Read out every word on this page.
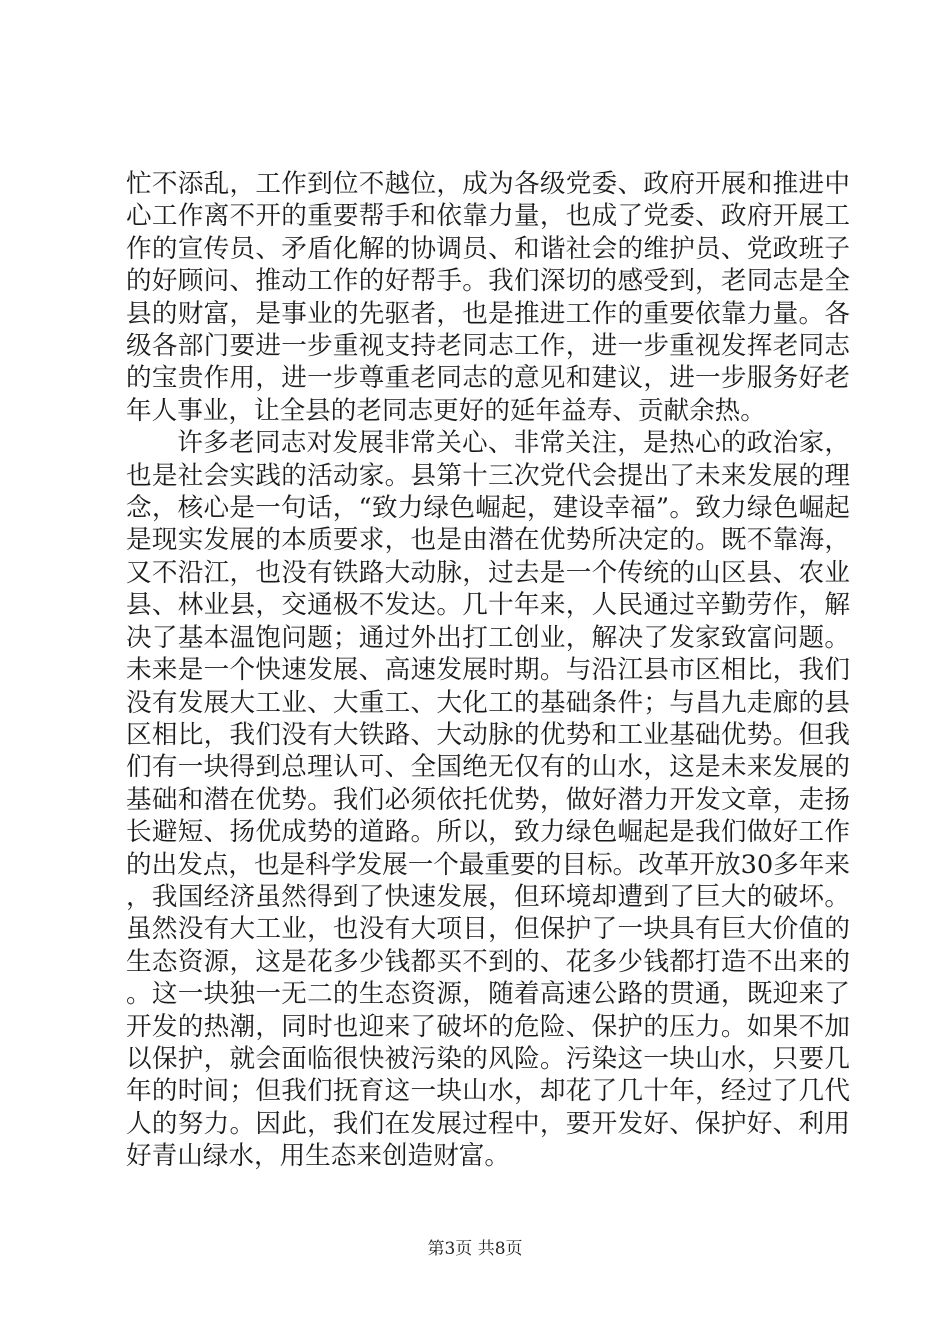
忙不添乱，工作到位不越位，成为各级党委、政府开展和推进中心工作离不开的重要帮手和依靠力量，也成了党委、政府开展工作的宣传员、矛盾化解的协调员、和谐社会的维护员、党政班子的好顾问、推动工作的好帮手。我们深切的感受到，老同志是全县的财富，是事业的先驱者，也是推进工作的重要依靠力量。各级各部门要进一步重视支持老同志工作，进一步重视发挥老同志的宝贵作用，进一步尊重老同志的意见和建议，进一步服务好老年人事业，让全县的老同志更好的延年益寿、贡献余热。

许多老同志对发展非常关心、非常关注，是热心的政治家，也是社会实践的活动家。县第十三次党代会提出了未来发展的理念，核心是一句话，“致力绿色崛起，建设幸福”。致力绿色崛起是现实发展的本质要求，也是由潜在优势所决定的。既不靠海，又不沿江，也没有铁路大动脉，过去是一个传统的山区县、农业县、林业县，交通极不发达。几十年来，人民通过辛勤劳作，解决了基本温饱问题；通过外出打工创业，解决了发家致富问题。未来是一个快速发展、高速发展时期。与沿江县市区相比，我们没有发展大工业、大重工、大化工的基础条件；与昌九走廊的县区相比，我们没有大铁路、大动脉的优势和工业基础优势。但我们有一块得到总理认可、全国绝无仅有的山水，这是未来发展的基础和潜在优势。我们必须依托优势，做好潜力开发文章，走扬长避短、扬优成势的道路。所以，致力绿色崛起是我们做好工作的出发点，也是科学发展一个最重要的目标。改革开放30多年来，我国经济虽然得到了快速发展，但环境却遭到了巨大的破坏。虽然没有大工业，也没有大项目，但保护了一块具有巨大价值的生态资源，这是花多少钱都买不到的、花多少钱都打造不出来的。这一块独一无二的生态资源，随着高速公路的贯通，既迎来了开发的热潮，同时也迎来了破坏的危险、保护的压力。如果不加以保护，就会面临很快被污染的风险。污染这一块山水，只要几年的时间；但我们抚育这一块山水，却花了几十年，经过了几代人的努力。因此，我们在发展过程中，要开发好、保护好、利用好青山绿水，用生态来创造财富。

第3页 共8页
